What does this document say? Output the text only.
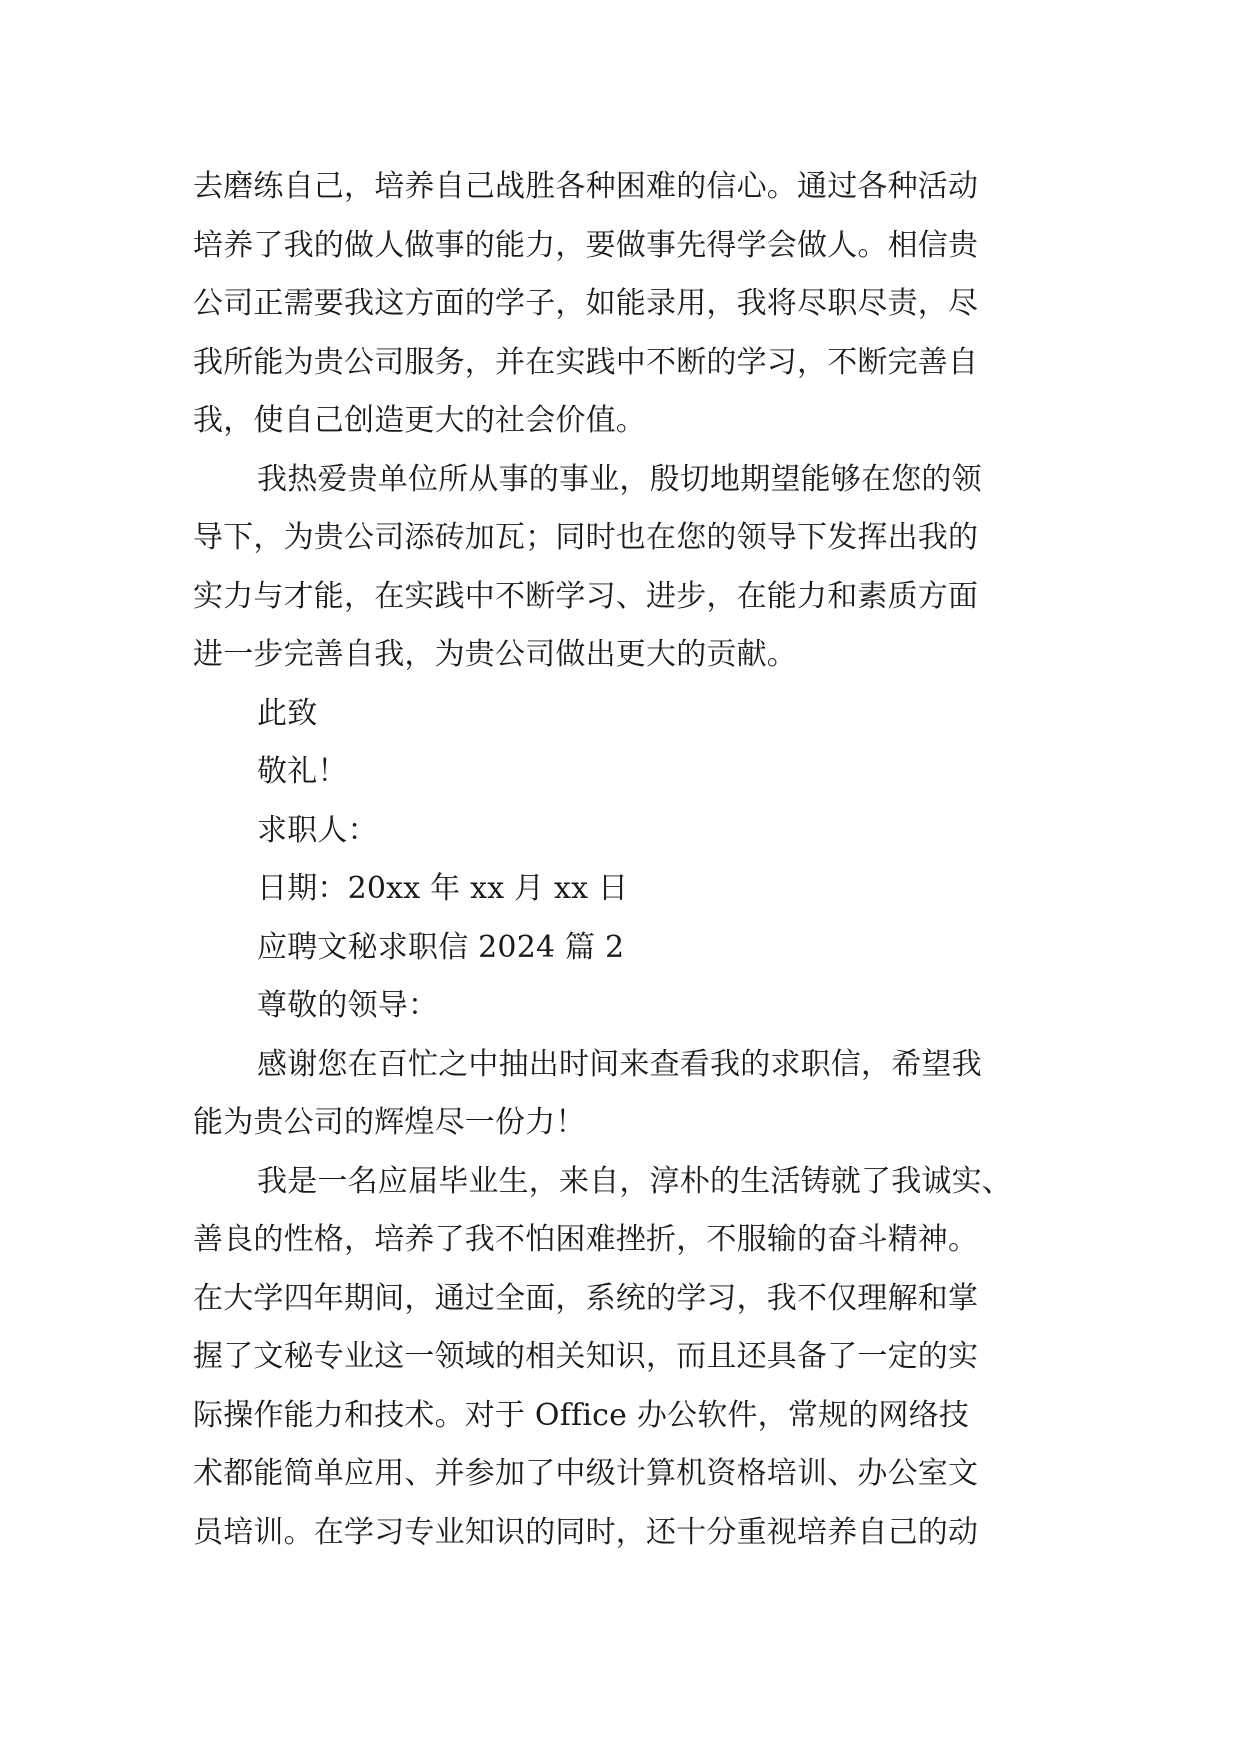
去磨练自己，培养自己战胜各种困难的信心。通过各种活动
培养了我的做人做事的能力，要做事先得学会做人。相信贵
公司正需要我这方面的学子，如能录用，我将尽职尽责，尽
我所能为贵公司服务，并在实践中不断的学习，不断完善自
我，使自己创造更大的社会价值。
我热爱贵单位所从事的事业，殷切地期望能够在您的领
导下，为贵公司添砖加瓦；同时也在您的领导下发挥出我的
实力与才能，在实践中不断学习、进步，在能力和素质方面
进一步完善自我，为贵公司做出更大的贡献。
此致
敬礼！
求职人：
日期：20xx 年 xx 月 xx 日
应聘文秘求职信 2024 篇 2
尊敬的领导：
感谢您在百忙之中抽出时间来查看我的求职信，希望我
能为贵公司的辉煌尽一份力！
我是一名应届毕业生，来自，淳朴的生活铸就了我诚实、
善良的性格，培养了我不怕困难挫折，不服输的奋斗精神。
在大学四年期间，通过全面，系统的学习，我不仅理解和掌
握了文秘专业这一领域的相关知识，而且还具备了一定的实
际操作能力和技术。对于 Office 办公软件，常规的网络技
术都能简单应用、并参加了中级计算机资格培训、办公室文
员培训。在学习专业知识的同时，还十分重视培养自己的动
